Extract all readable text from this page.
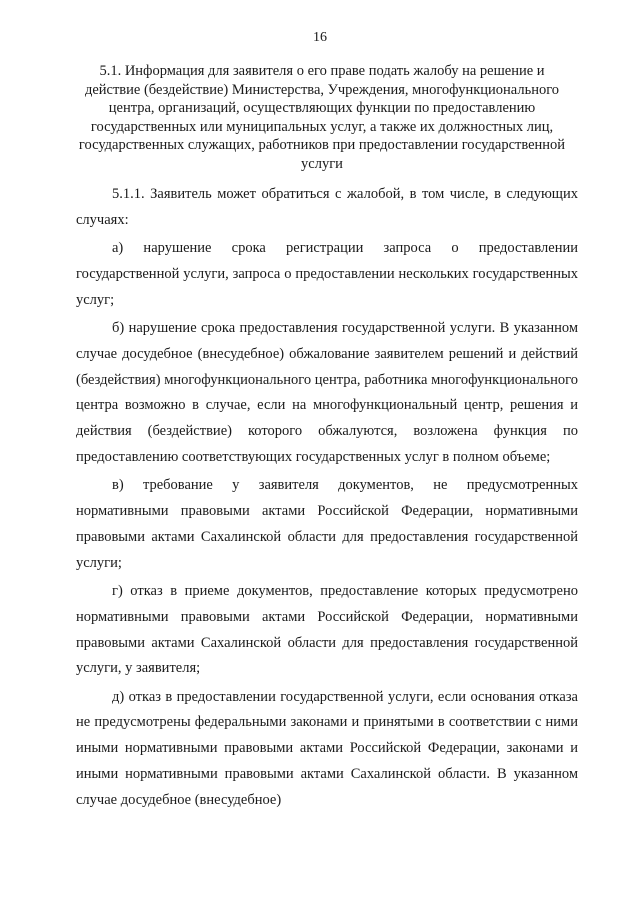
16
5.1. Информация для заявителя о его праве подать жалобу на решение и действие (бездействие) Министерства, Учреждения, многофункционального центра, организаций, осуществляющих функции по предоставлению государственных или муниципальных услуг, а также их должностных лиц, государственных служащих, работников при предоставлении государственной услуги

5.1.1. Заявитель может обратиться с жалобой, в том числе, в следующих случаях:

а) нарушение срока регистрации запроса о предоставлении государственной услуги, запроса о предоставлении нескольких государственных услуг;

б) нарушение срока предоставления государственной услуги. В указанном случае досудебное (внесудебное) обжалование заявителем решений и действий (бездействия) многофункционального центра, работника многофункционального центра возможно в случае, если на многофункциональный центр, решения и действия (бездействие) которого обжалуются, возложена функция по предоставлению соответствующих государственных услуг в полном объеме;

в) требование у заявителя документов, не предусмотренных нормативными правовыми актами Российской Федерации, нормативными правовыми актами Сахалинской области для предоставления государственной услуги;

г) отказ в приеме документов, предоставление которых предусмотрено нормативными правовыми актами Российской Федерации, нормативными правовыми актами Сахалинской области для предоставления государственной услуги, у заявителя;

д) отказ в предоставлении государственной услуги, если основания отказа не предусмотрены федеральными законами и принятыми в соответствии с ними иными нормативными правовыми актами Российской Федерации, законами и иными нормативными правовыми актами Сахалинской области. В указанном случае досудебное (внесудебное)
